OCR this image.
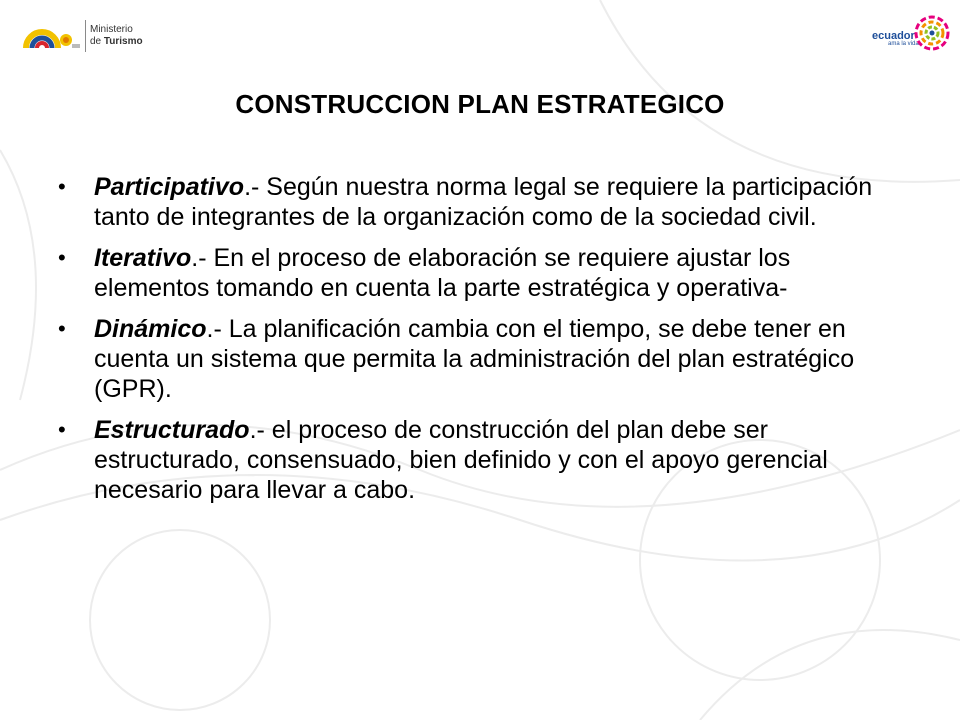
Ministerio
de Turismo	ecuador
ama la vida
CONSTRUCCION PLAN ESTRATEGICO
• Participativo.- Según nuestra norma legal se requiere la participación tanto de integrantes de la organización como de la sociedad civil.
• Iterativo.- En el proceso de elaboración se requiere ajustar los elementos tomando en cuenta la parte estratégica y operativa-
• Dinámico.- La planificación cambia con el tiempo, se debe tener en cuenta un sistema que permita la administración del plan estratégico (GPR).
• Estructurado.- el proceso de construcción del plan debe ser estructurado, consensuado, bien definido y con el apoyo gerencial necesario para llevar a cabo.
